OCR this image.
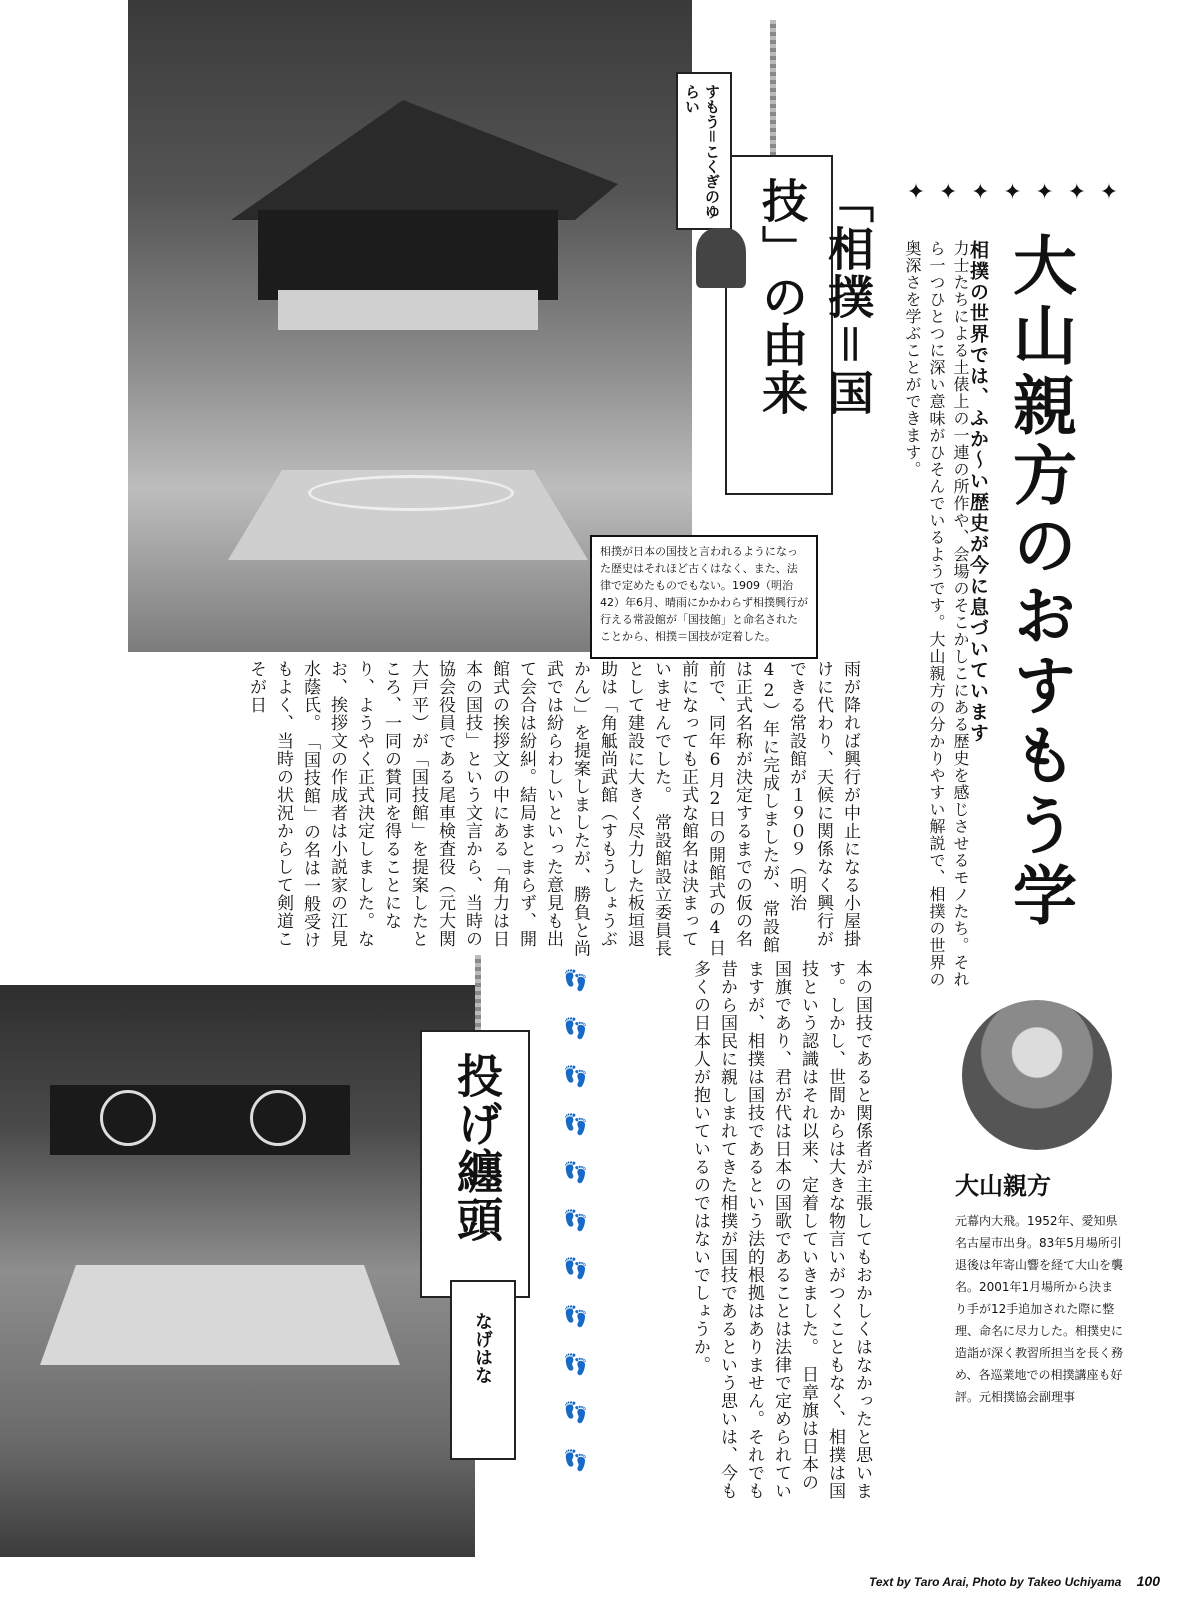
相撲が日本の国技と言われるようになった歴史はそれほど古くはなく、また、法律で定めたものでもない。1909（明治42）年6月、晴雨にかかわらず相撲興行が行える常設館が「国技館」と命名されたことから、相撲＝国技が定着した。
「相撲＝国技」の由来
すもう＝こくぎのゆらい
✦ ✦ ✦ ✦ ✦ ✦ ✦
大山親方のおすもう学
相撲の世界では、ふか〜い歴史が今に息づいています
力士たちによる土俵上の一連の所作や、会場のそこかしこにある歴史を感じさせるモノたち。それら一つひとつに深い意味がひそんでいるようです。大山親方の分かりやすい解説で、相撲の世界の奥深さを学ぶことができます。
雨が降れば興行が中止になる小屋掛けに代わり、天候に関係なく興行ができる常設館が１９０９（明治42）年に完成しましたが、常設館は正式名称が決定するまでの仮の名前で、同年6月2日の開館式の4日前になっても正式な館名は決まっていませんでした。　常設館設立委員長として建設に大きく尽力した板垣退助は「角觝尚武館（すもうしょうぶかん）」を提案しましたが、勝負と尚武では紛らわしいといった意見も出て会合は紛糾。結局まとまらず、開館式の挨拶文の中にある「角力は日本の国技」という文言から、当時の協会役員である尾車検査役（元大関大戸平）が「国技館」を提案したところ、一同の賛同を得ることになり、ようやく正式決定しました。なお、挨拶文の作成者は小説家の江見水蔭氏。　「国技館」の名は一般受けもよく、当時の状況からして剣道こそが日
投げ纏頭
なげはな
👣
👣
👣
👣
👣
👣
👣
👣
👣
👣
👣	本の国技であると関係者が主張してもおかしくはなかったと思います。しかし、世間からは大きな物言いがつくこともなく、相撲は国技という認識はそれ以来、定着していきました。　日章旗は日本の国旗であり、君が代は日本の国歌であることは法律で定められていますが、相撲は国技であるという法的根拠はありません。それでも昔から国民に親しまれてきた相撲が国技であるという思いは、今も多くの日本人が抱いているのではないでしょうか。	大山親方
元幕内大飛。1952年、愛知県名古屋市出身。83年5月場所引退後は年寄山響を経て大山を襲名。2001年1月場所から決まり手が12手追加された際に整理、命名に尽力した。相撲史に造詣が深く教習所担当を長く務め、各巡業地での相撲講座も好評。元相撲協会副理事
Text by Taro Arai, Photo by Takeo Uchiyama 100
